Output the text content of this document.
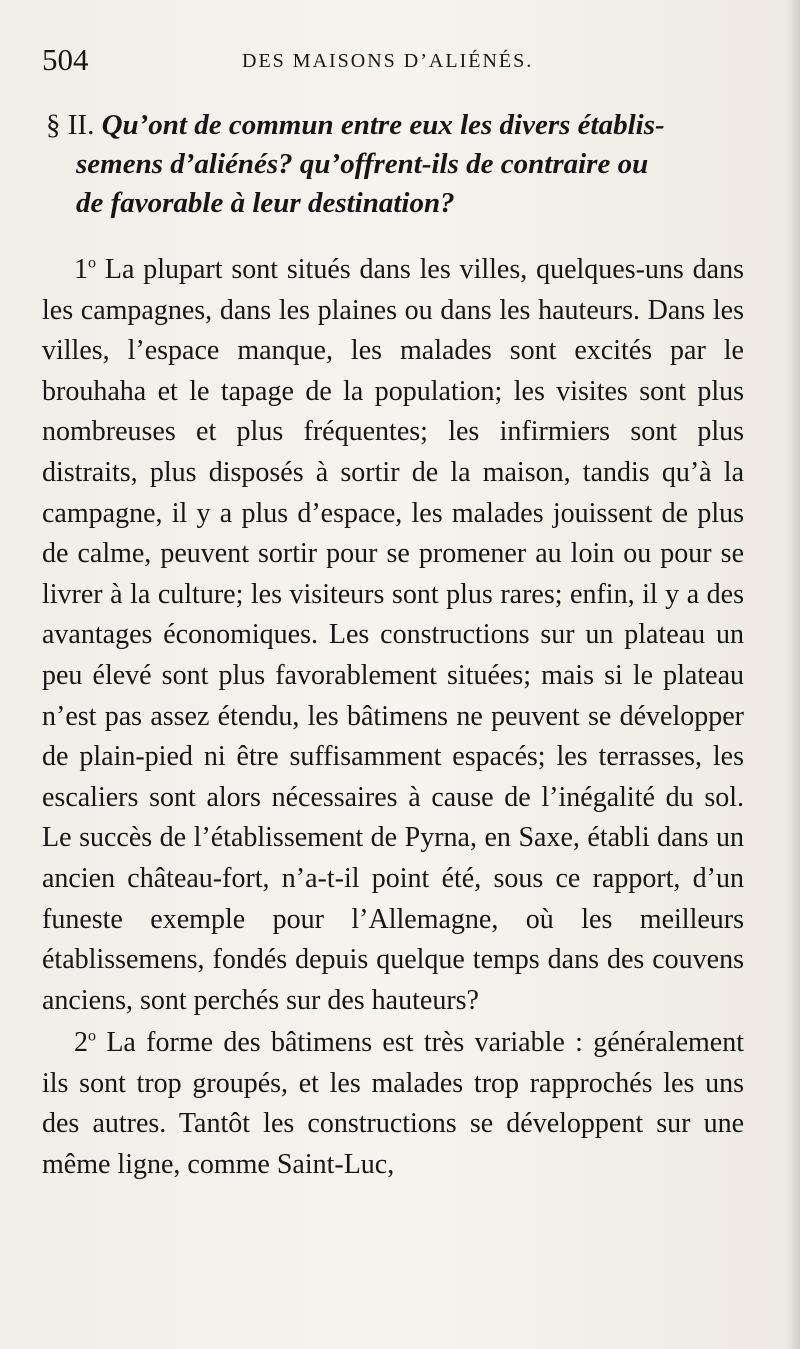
504	DES MAISONS D’ALIÉNÉS.
§ II. Qu’ont de commun entre eux les divers établis-
semens d’aliénés? qu’offrent-ils de contraire ou
de favorable à leur destination?

1$^o$ La plupart sont situés dans les villes, quelques-uns dans les campagnes, dans les plaines ou dans les hauteurs. Dans les villes, l’espace manque, les malades sont excités par le brouhaha et le tapage de la population; les visites sont plus nombreuses et plus fréquentes; les infirmiers sont plus distraits, plus disposés à sortir de la maison, tandis qu’à la campagne, il y a plus d’espace, les malades jouissent de plus de calme, peuvent sortir pour se promener au loin ou pour se livrer à la culture; les visiteurs sont plus rares; enfin, il y a des avantages économiques. Les constructions sur un plateau un peu élevé sont plus favorablement situées; mais si le plateau n’est pas assez étendu, les bâtimens ne peuvent se développer de plain-pied ni être suffisamment espacés; les terrasses, les escaliers sont alors nécessaires à cause de l’inégalité du sol. Le succès de l’établissement de Pyrna, en Saxe, établi dans un ancien château-fort, n’a-t-il point été, sous ce rapport, d’un funeste exemple pour l’Allemagne, où les meilleurs établissemens, fondés depuis quelque temps dans des couvens anciens, sont perchés sur des hauteurs?

2$^o$ La forme des bâtimens est très variable : généralement ils sont trop groupés, et les malades trop rapprochés les uns des autres. Tantôt les constructions se développent sur une même ligne, comme Saint-Luc,
